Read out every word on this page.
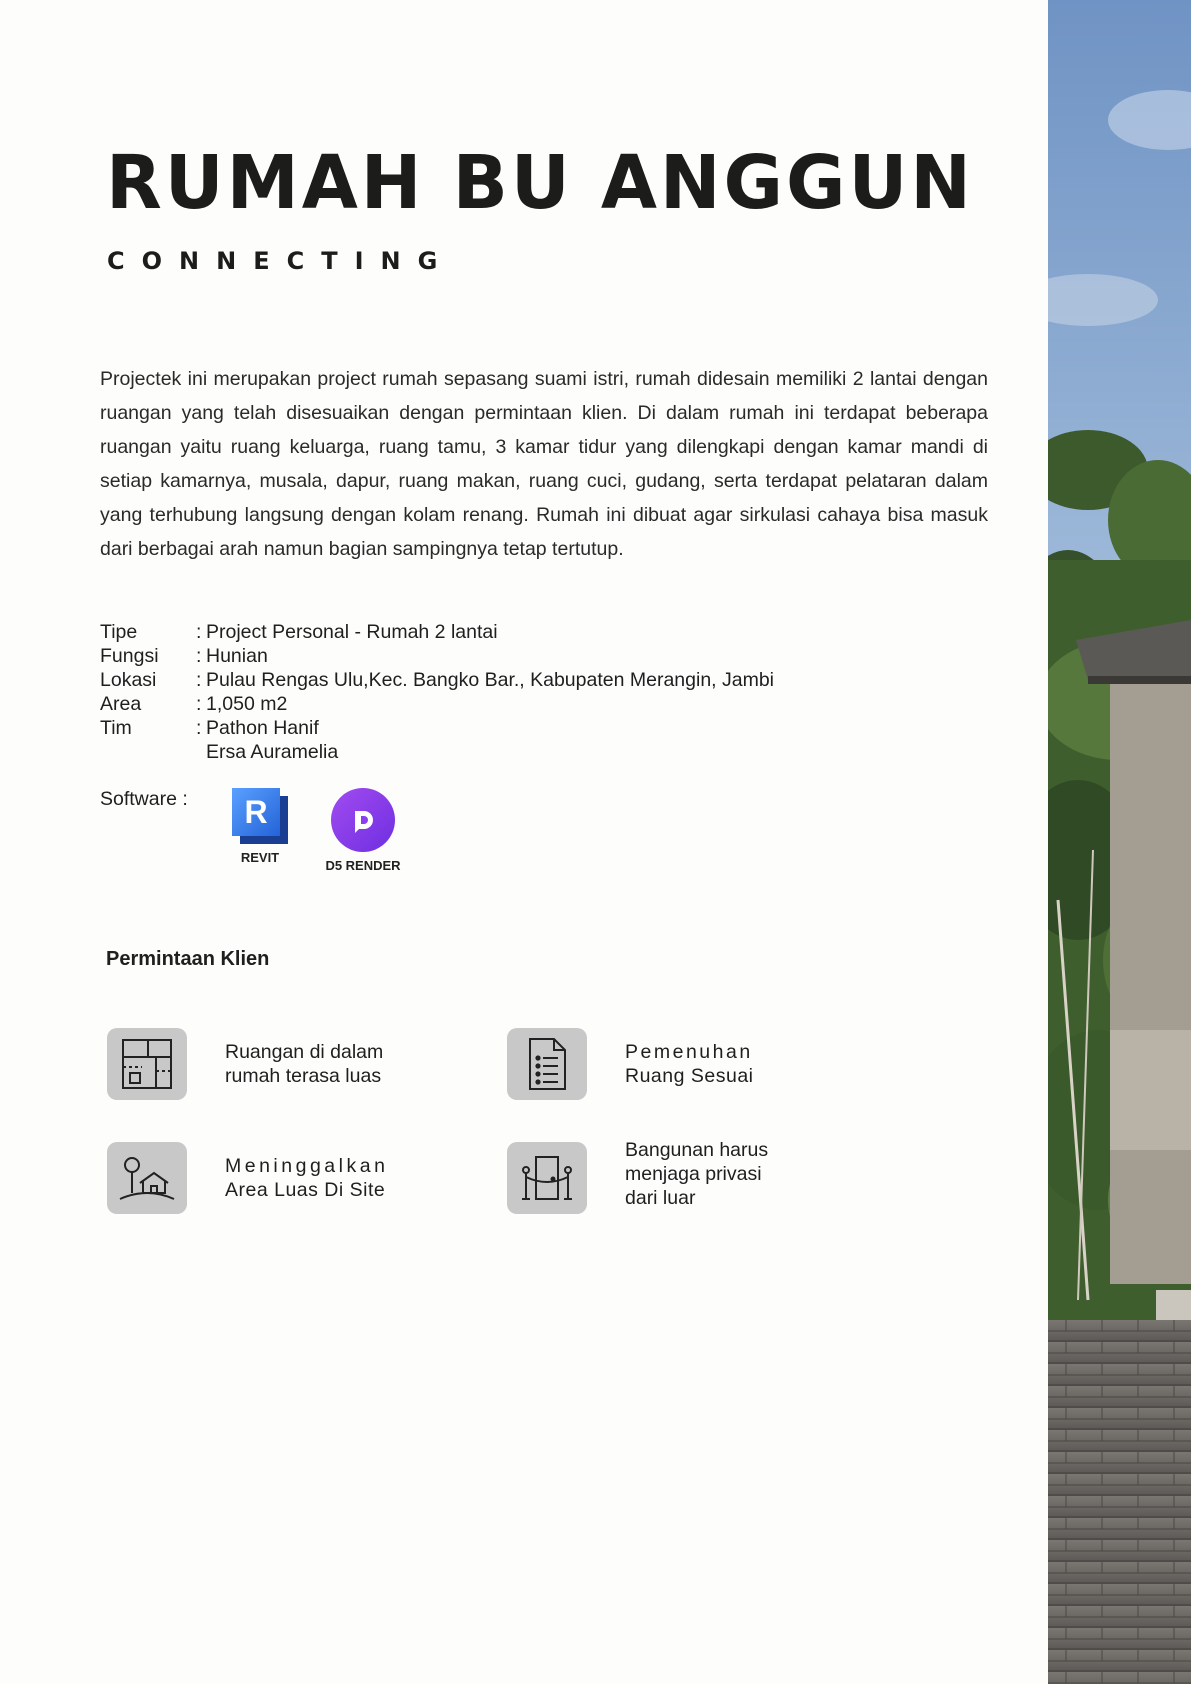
RUMAH BU ANGGUN
CONNECTING

Projectek ini merupakan project rumah sepasang suami istri, rumah didesain memiliki 2 lantai dengan ruangan yang telah disesuaikan dengan permintaan klien. Di dalam rumah ini terdapat beberapa ruangan yaitu ruang keluarga, ruang tamu, 3 kamar tidur yang dilengkapi dengan kamar mandi di setiap kamarnya, musala, dapur, ruang makan, ruang cuci, gudang, serta terdapat pelataran dalam yang terhubung langsung dengan kolam renang. Rumah ini dibuat agar sirkulasi cahaya bisa masuk dari berbagai arah namun bagian sampingnya tetap tertutup.

Tipe	: Project Personal - Rumah 2 lantai
Fungsi	: Hunian
Lokasi	: Pulau Rengas Ulu,Kec. Bangko Bar., Kabupaten Merangin, Jambi
Area	: 1,050 m2
Tim	: Pathon Hanif
Ersa Auramelia
Software :	R
REVIT
D5 RENDER
Permintaan Klien
Ruangan di dalam
rumah terasa luas
Pemenuhan
Ruang Sesuai
Meninggalkan
Area Luas Di Site
Bangunan harus
menjaga privasi
dari luar
